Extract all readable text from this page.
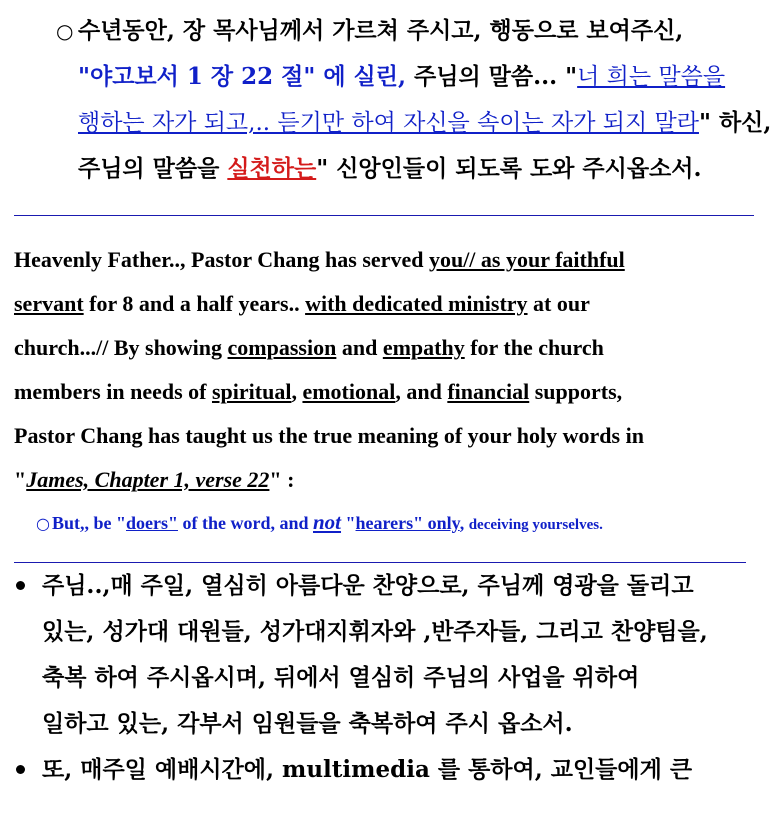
○ 수년동안, 장 목사님께서 가르쳐 주시고, 행동으로 보여주신,
"야고보서 1 장 22 절" 에 실린, 주님의 말씀... "너 희는 말씀을
행하는 자가 되고,.. 듣기만 하여 자신을 속이는 자가 되지 말라" 하신,
주님의 말씀을 실천하는" 신앙인들이 되도록 도와 주시옵소서.
Heavenly Father.., Pastor Chang has served you// as your faithful
servant for 8 and a half years.. with dedicated ministry at our
church...// By showing compassion and empathy for the church
members in needs of spiritual, emotional, and financial supports,
Pastor Chang has taught us the true meaning of your holy words in
"James, Chapter 1, verse 22" :
○ But,, be "doers" of the word, and not "hearers" only, deceiving yourselves.
주님..,매 주일, 열심히 아름다운 찬양으로, 주님께 영광을 돌리고
있는, 성가대 대원들, 성가대지휘자와 ,반주자들, 그리고 찬양팀을,
축복 하여 주시옵시며, 뒤에서 열심히 주님의 사업을 위하여
일하고 있는, 각부서 임원들을 축복하여 주시 옵소서.
또, 매주일 예배시간에, multimedia 를 통하여, 교인들에게 큰
